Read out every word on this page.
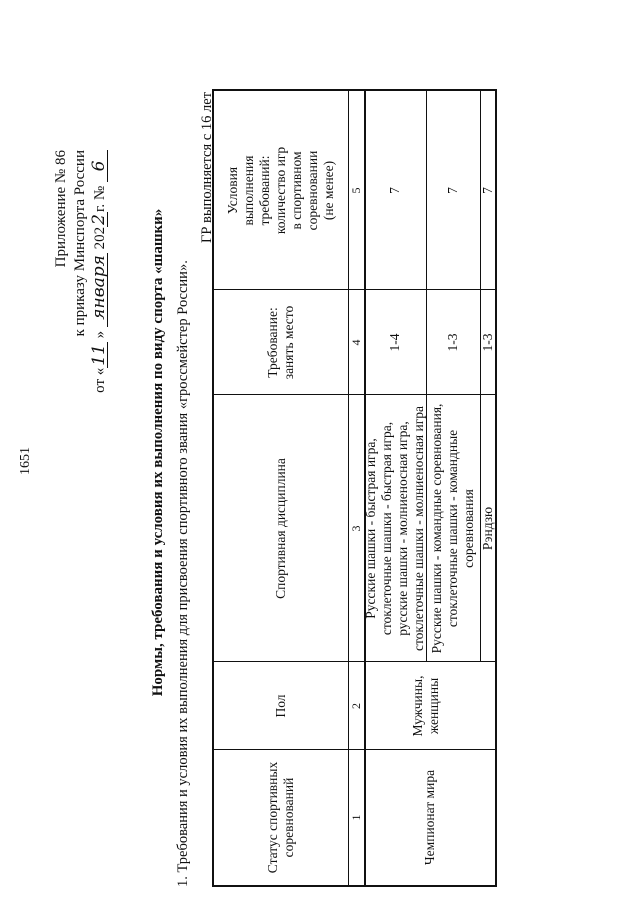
1651
Приложение № 86 к приказу Минспорта России
от «11 » января 2022г. № 6
Нормы, требования и условия их выполнения по виду спорта «шашки» 1. Требования и условия их выполнения для присвоения спортивного звания «гроссмейстер России».
ГР выполняется с 16 лет
Статус спортивных соревнований
Пол
Спортивная дисциплина
Требование: занять место
Условия выполнения требований: количество игр в спортивном соревновании (не менее)
1
2
3
4
5
Чемпионат мира
Мужчины, женщины
Русские шашки - быстрая игра, стоклеточные шашки - быстрая игра, русские шашки - молниеносная игра, стоклеточные шашки - молниеносная игра
1-4
7
Русские шашки - командные соревнования, стоклеточные шашки - командные соревнования
1-3
7
Рэндзю
1-3
7
